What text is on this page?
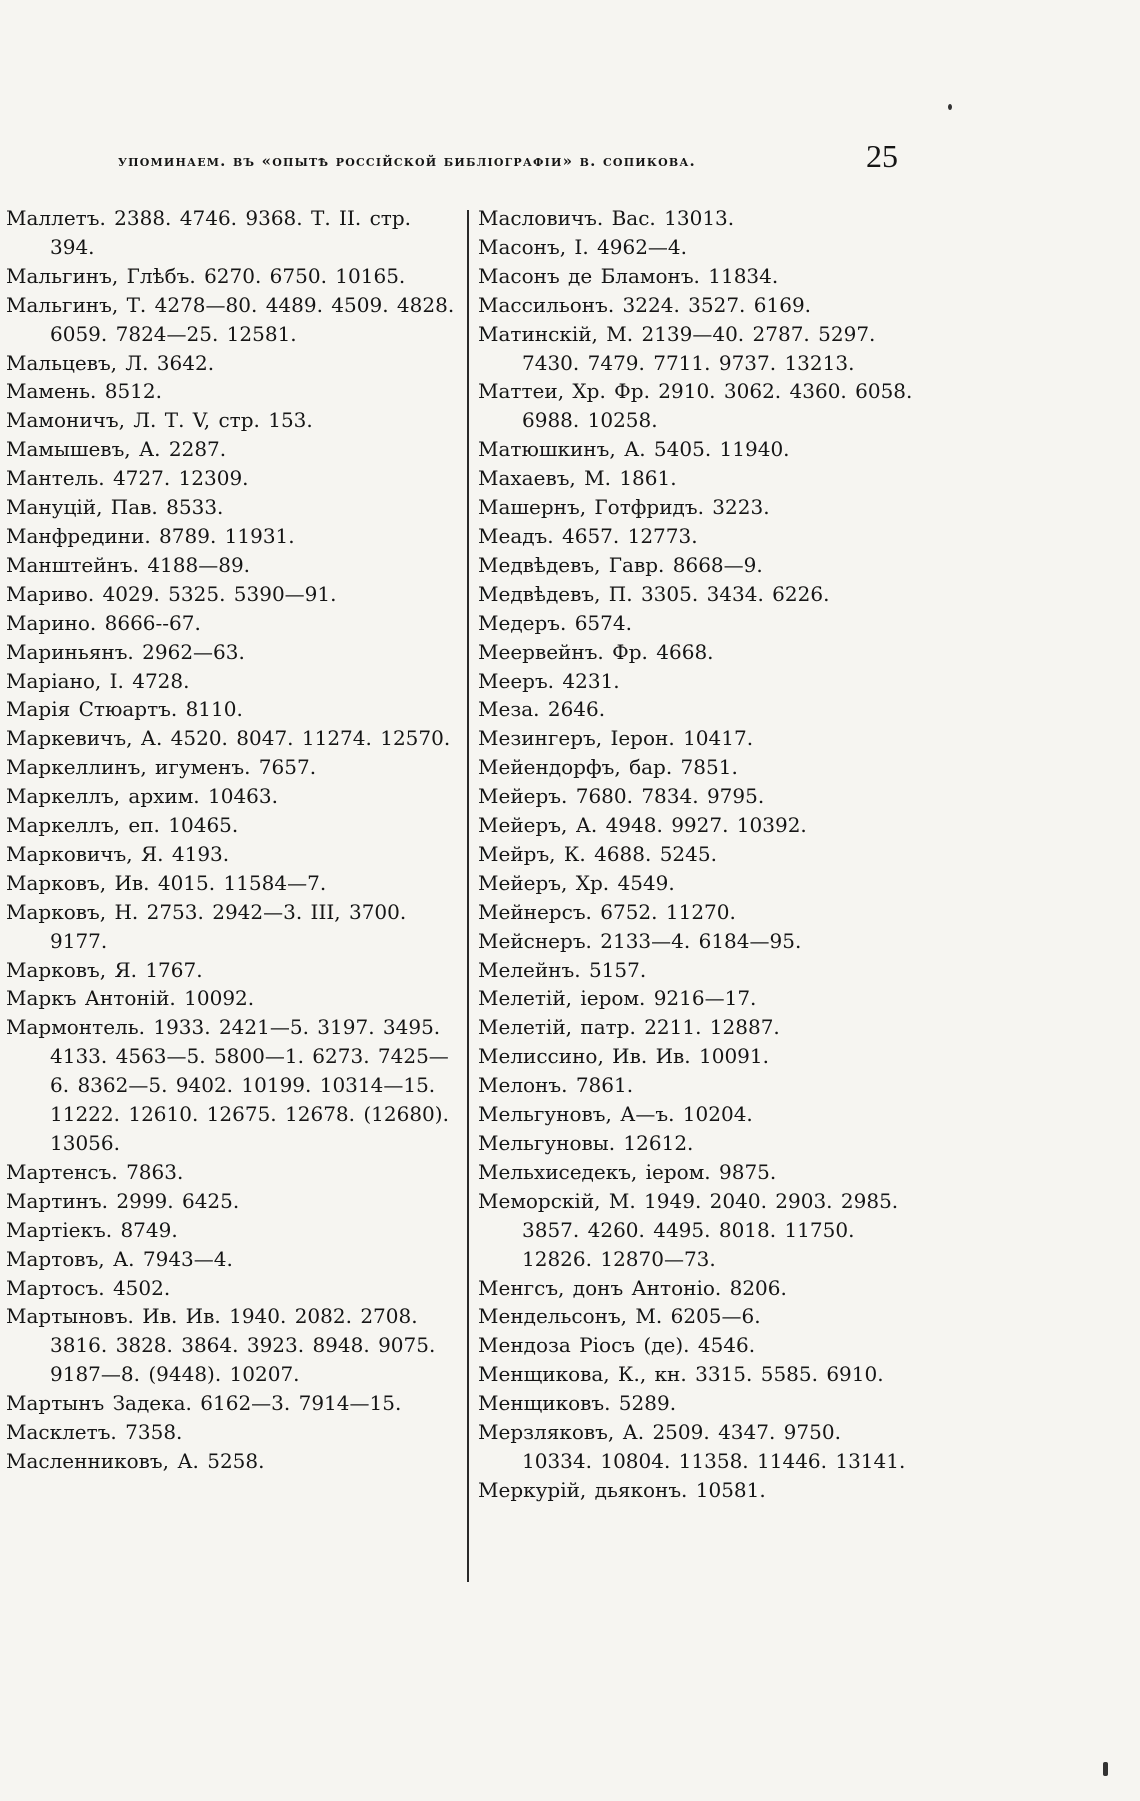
упоминаем. въ «опытѣ россійской библіографіи» в. сопикова.	25
Маллетъ. 2388. 4746. 9368. Т. II. стр. 394.
Мальгинъ, Глѣбъ. 6270. 6750. 10165.
Мальгинъ, Т. 4278—80. 4489. 4509. 4828. 6059. 7824—25. 12581.
Мальцевъ, Л. 3642.
Мамень. 8512.
Мамоничъ, Л. Т. V, стр. 153.
Мамышевъ, А. 2287.
Мантель. 4727. 12309.
Мануцій, Пав. 8533.
Манфредини. 8789. 11931.
Манштейнъ. 4188—89.
Мариво. 4029. 5325. 5390—91.
Марино. 8666--67.
Мариньянъ. 2962—63.
Маріано, І. 4728.
Марія Стюартъ. 8110.
Маркевичъ, А. 4520. 8047. 11274. 12570.
Маркеллинъ, игуменъ. 7657.
Маркеллъ, архим. 10463.
Маркеллъ, еп. 10465.
Марковичъ, Я. 4193.
Марковъ, Ив. 4015. 11584—7.
Марковъ, Н. 2753. 2942—3. III, 3700. 9177.
Марковъ, Я. 1767.
Маркъ Антоній. 10092.
Мармонтель. 1933. 2421—5. 3197. 3495. 4133. 4563—5. 5800—1. 6273. 7425—6. 8362—5. 9402. 10199. 10314—15. 11222. 12610. 12675. 12678. (12680). 13056.
Мартенсъ. 7863.
Мартинъ. 2999. 6425.
Мартіекъ. 8749.
Мартовъ, А. 7943—4.
Мартосъ. 4502.
Мартыновъ. Ив. Ив. 1940. 2082. 2708. 3816. 3828. 3864. 3923. 8948. 9075. 9187—8. (9448). 10207.
Мартынъ Задека. 6162—3. 7914—15.
Масклетъ. 7358.
Масленниковъ, А. 5258.
Масловичъ. Вас. 13013.
Масонъ, І. 4962—4.
Масонъ де Бламонъ. 11834.
Массильонъ. 3224. 3527. 6169.
Матинскій, М. 2139—40. 2787. 5297. 7430. 7479. 7711. 9737. 13213.
Маттеи, Хр. Фр. 2910. 3062. 4360. 6058. 6988. 10258.
Матюшкинъ, А. 5405. 11940.
Махаевъ, М. 1861.
Машернъ, Готфридъ. 3223.
Меадъ. 4657. 12773.
Медвѣдевъ, Гавр. 8668—9.
Медвѣдевъ, П. 3305. 3434. 6226.
Медеръ. 6574.
Меервейнъ. Фр. 4668.
Мееръ. 4231.
Меза. 2646.
Мезингеръ, Іерон. 10417.
Мейендорфъ, бар. 7851.
Мейеръ. 7680. 7834. 9795.
Мейеръ, А. 4948. 9927. 10392.
Мейръ, К. 4688. 5245.
Мейеръ, Хр. 4549.
Мейнерсъ. 6752. 11270.
Мейснеръ. 2133—4. 6184—95.
Мелейнъ. 5157.
Мелетій, іером. 9216—17.
Мелетій, патр. 2211. 12887.
Мелиссино, Ив. Ив. 10091.
Мелонъ. 7861.
Мельгуновъ, А—ъ. 10204.
Мельгуновы. 12612.
Мельхиседекъ, іером. 9875.
Меморскій, М. 1949. 2040. 2903. 2985. 3857. 4260. 4495. 8018. 11750. 12826. 12870—73.
Менгсъ, донъ Антоніо. 8206.
Мендельсонъ, М. 6205—6.
Мендоза Ріосъ (де). 4546.
Менщикова, К., кн. 3315. 5585. 6910.
Менщиковъ. 5289.
Мерзляковъ, А. 2509. 4347. 9750. 10334. 10804. 11358. 11446. 13141.
Меркурій, дьяконъ. 10581.
